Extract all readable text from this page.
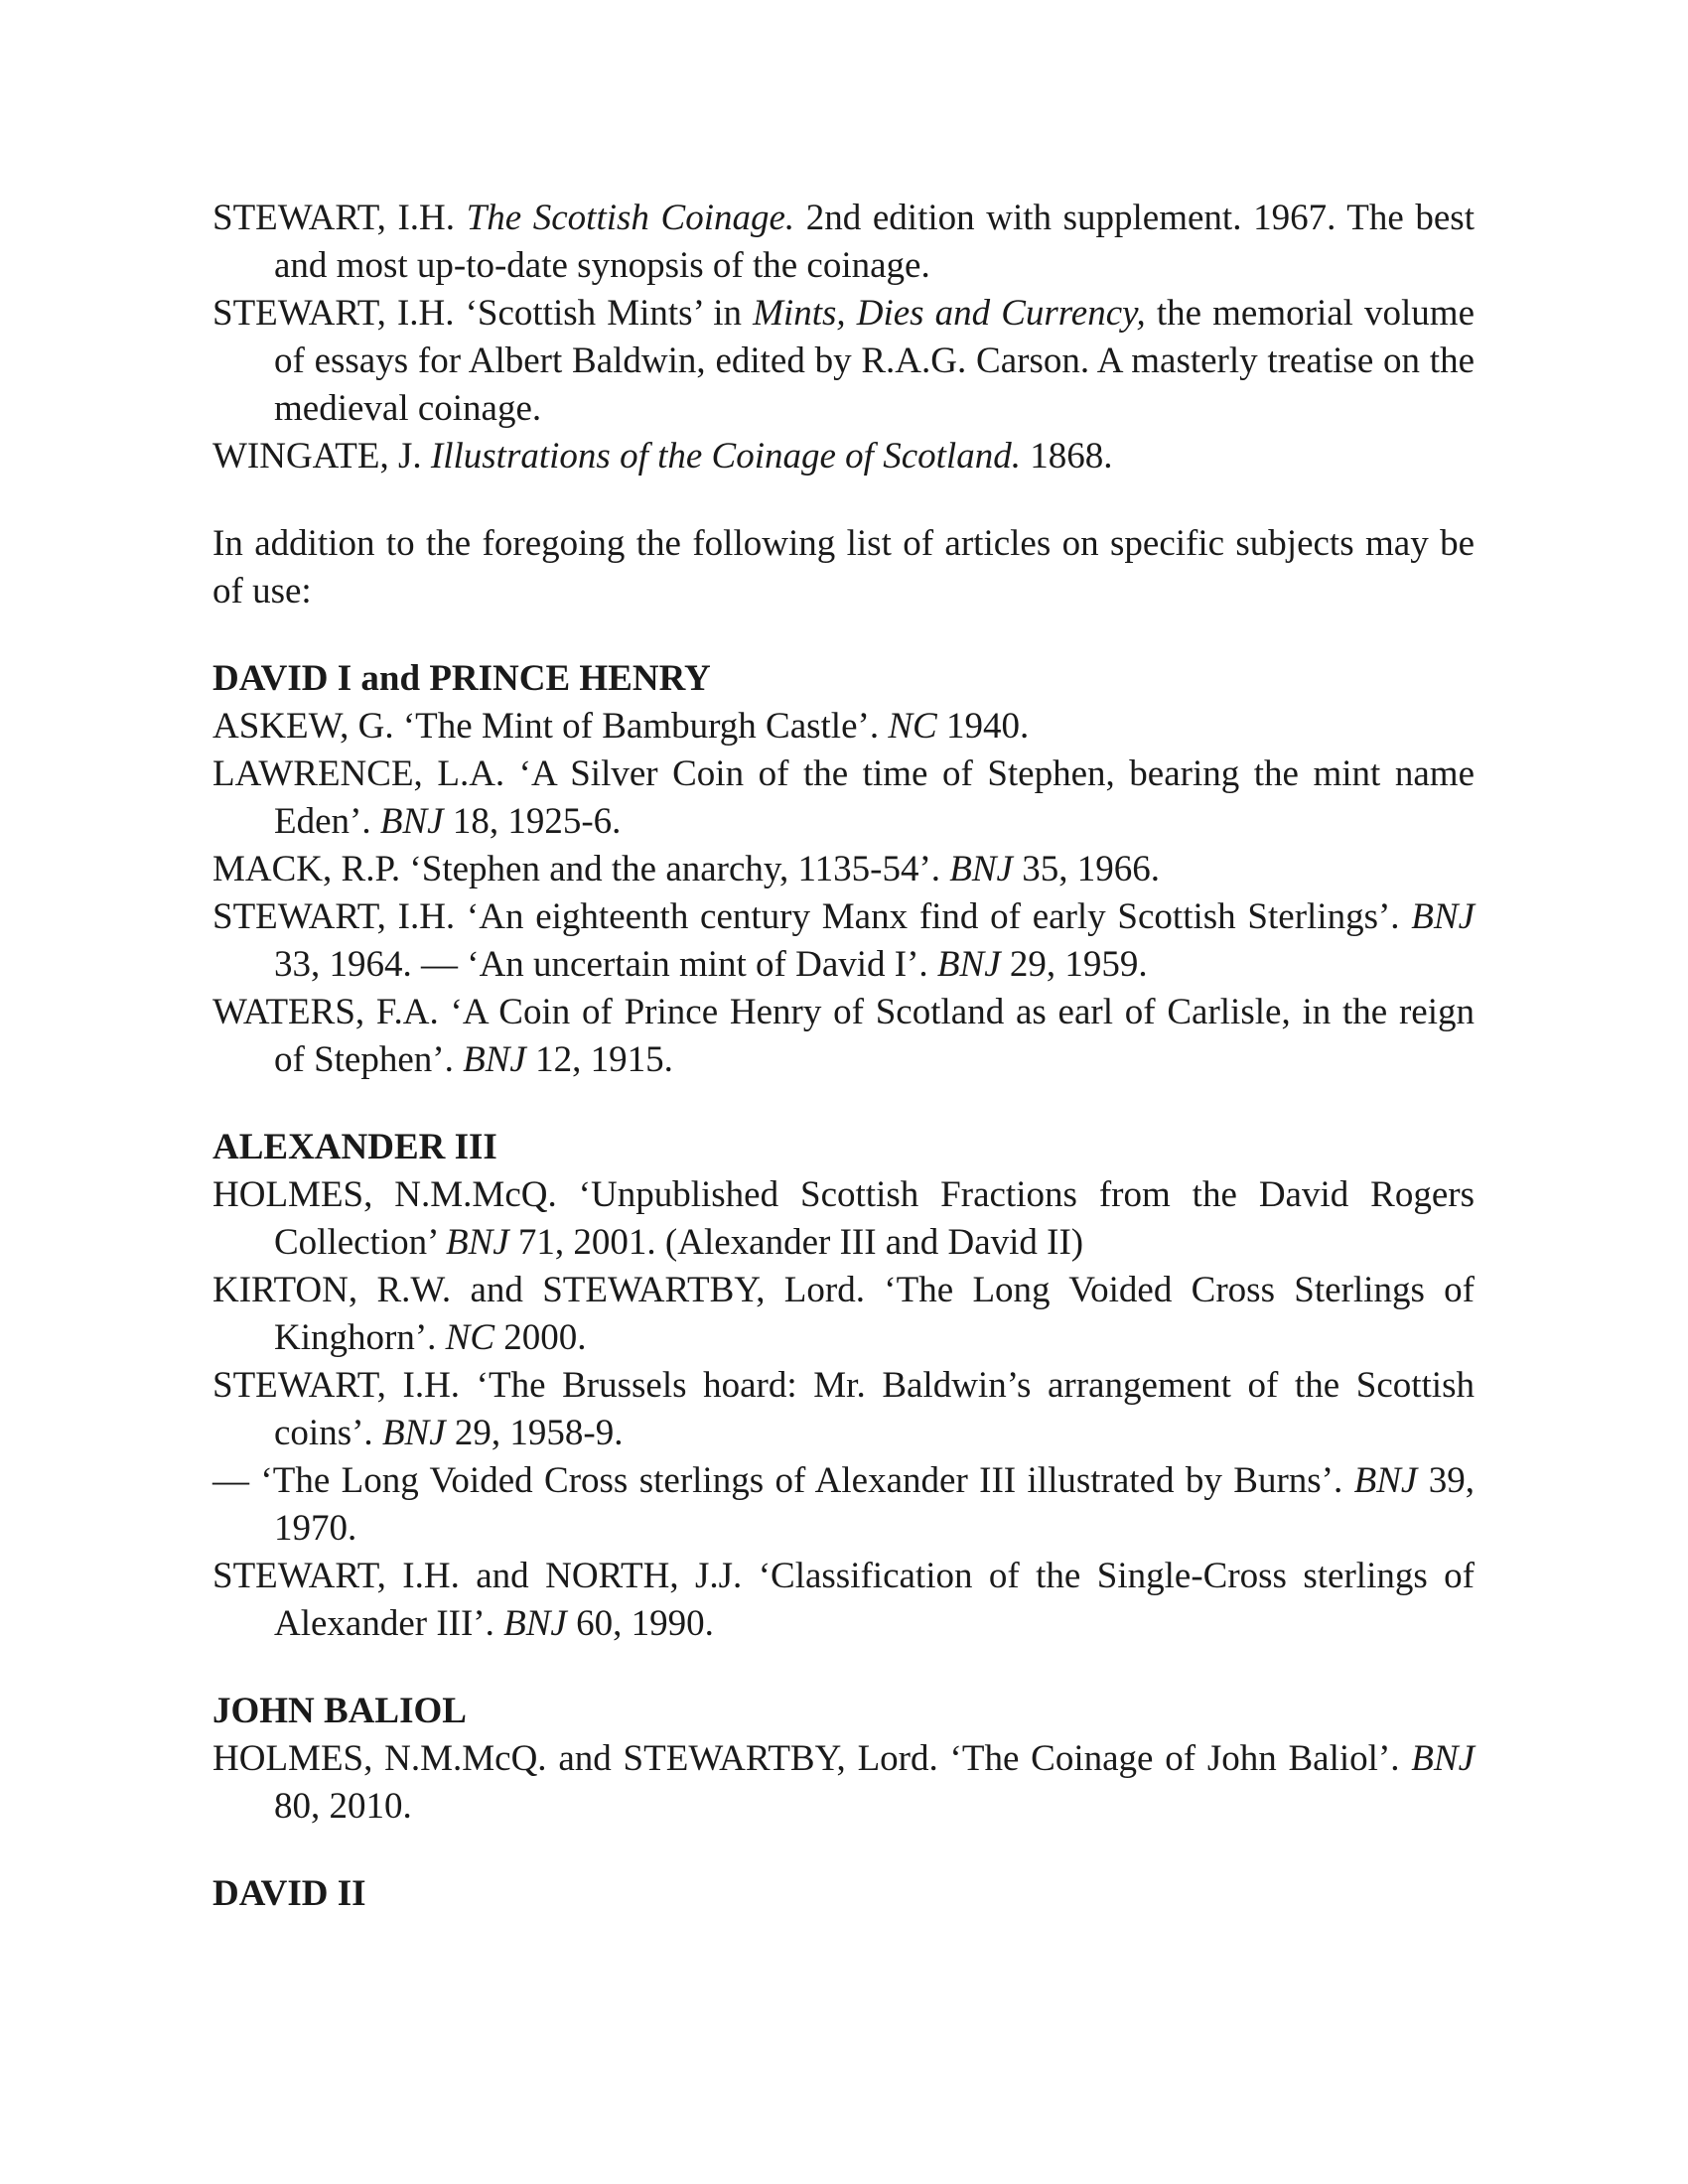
STEWART, I.H. The Scottish Coinage. 2nd edition with supplement. 1967. The best and most up-to-date synopsis of the coinage.

STEWART, I.H. ‘Scottish Mints’ in Mints, Dies and Currency, the memorial volume of essays for Albert Baldwin, edited by R.A.G. Carson. A masterly treatise on the medieval coinage.

WINGATE, J. Illustrations of the Coinage of Scotland. 1868.

In addition to the foregoing the following list of articles on specific subjects may be of use:

DAVID I and PRINCE HENRY

ASKEW, G. ‘The Mint of Bamburgh Castle’. NC 1940.

LAWRENCE, L.A. ‘A Silver Coin of the time of Stephen, bearing the mint name Eden’. BNJ 18, 1925-6.

MACK, R.P. ‘Stephen and the anarchy, 1135-54’. BNJ 35, 1966.

STEWART, I.H. ‘An eighteenth century Manx find of early Scottish Sterlings’. BNJ 33, 1964. — ‘An uncertain mint of David I’. BNJ 29, 1959.

WATERS, F.A. ‘A Coin of Prince Henry of Scotland as earl of Carlisle, in the reign of Stephen’. BNJ 12, 1915.

ALEXANDER III

HOLMES, N.M.McQ. ‘Unpublished Scottish Fractions from the David Rogers Collection’ BNJ 71, 2001. (Alexander III and David II)

KIRTON, R.W. and STEWARTBY, Lord. ‘The Long Voided Cross Sterlings of Kinghorn’. NC 2000.

STEWART, I.H. ‘The Brussels hoard: Mr. Baldwin’s arrangement of the Scottish coins’. BNJ 29, 1958-9.

— ‘The Long Voided Cross sterlings of Alexander III illustrated by Burns’. BNJ 39, 1970.

STEWART, I.H. and NORTH, J.J. ‘Classification of the Single-Cross sterlings of Alexander III’. BNJ 60, 1990.

JOHN BALIOL

HOLMES, N.M.McQ. and STEWARTBY, Lord. ‘The Coinage of John Baliol’. BNJ 80, 2010.

DAVID II
